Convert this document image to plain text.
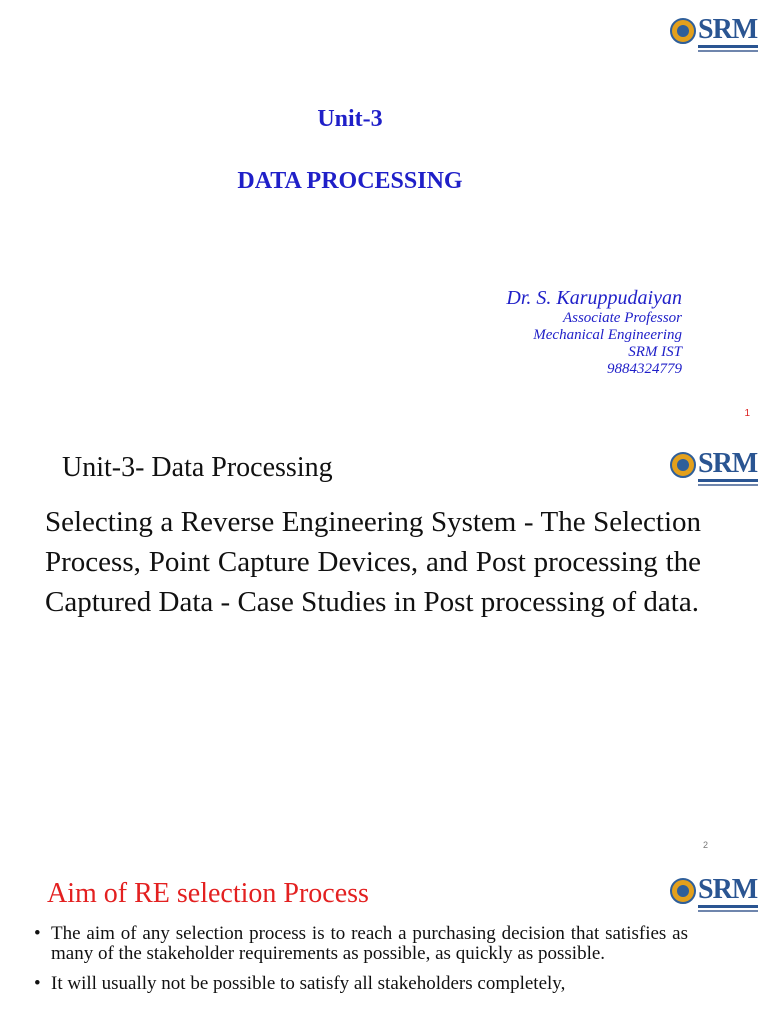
SRM
Unit-3
DATA PROCESSING
Dr. S. Karuppudaiyan
Associate Professor
Mechanical Engineering
SRM IST
9884324779
1
SRM
Unit-3- Data Processing

Selecting a Reverse Engineering System - The Selection Process, Point Capture Devices, and Post processing the Captured Data - Case Studies in Post processing of data.

2
SRM
Aim of RE selection Process
• The aim of any selection process is to reach a purchasing decision that satisfies as many of the stakeholder requirements as possible, as quickly as possible.
• It will usually not be possible to satisfy all stakeholders completely,
